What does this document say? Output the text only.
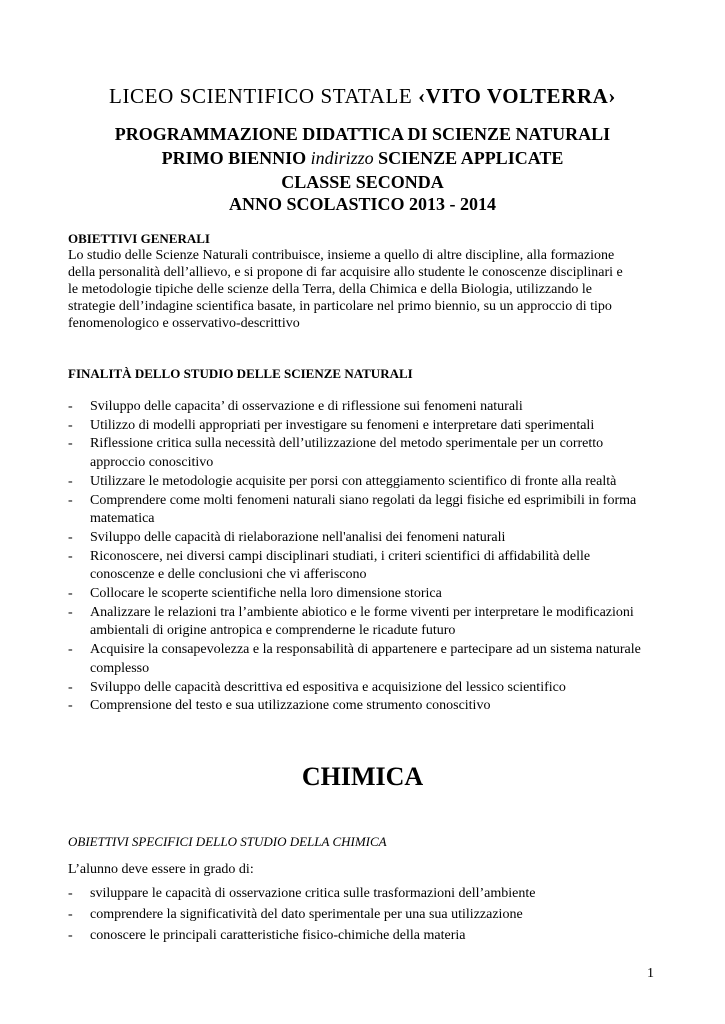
LICEO SCIENTIFICO STATALE ‹VITO VOLTERRA›
PROGRAMMAZIONE DIDATTICA DI SCIENZE NATURALI
PRIMO BIENNIO indirizzo SCIENZE APPLICATE
CLASSE SECONDA
ANNO SCOLASTICO 2013 - 2014
OBIETTIVI GENERALI
Lo studio delle Scienze Naturali contribuisce, insieme a quello di altre discipline, alla formazione
della personalità dell’allievo, e si propone di far acquisire allo studente le conoscenze disciplinari e
le metodologie tipiche delle scienze della Terra, della Chimica e della Biologia, utilizzando le
strategie dell’indagine scientifica basate, in particolare nel primo biennio, su un approccio di tipo
fenomenologico e osservativo-descrittivo
FINALITÀ DELLO STUDIO DELLE SCIENZE NATURALI
- Sviluppo delle capacita’ di osservazione e di riflessione sui fenomeni naturali
- Utilizzo di modelli appropriati per investigare su fenomeni e interpretare dati sperimentali
- Riflessione critica sulla necessità dell’utilizzazione del metodo sperimentale per un corretto approccio conoscitivo
- Utilizzare le metodologie acquisite per porsi con atteggiamento scientifico di fronte alla realtà
- Comprendere come molti fenomeni naturali siano regolati da leggi fisiche ed esprimibili in forma matematica
- Sviluppo delle capacità di rielaborazione nell'analisi dei fenomeni naturali
- Riconoscere, nei diversi campi disciplinari studiati, i criteri scientifici di affidabilità delle conoscenze e delle conclusioni che vi afferiscono
- Collocare le scoperte scientifiche nella loro dimensione storica
- Analizzare le relazioni tra l’ambiente abiotico e le forme viventi per interpretare le modificazioni ambientali di origine antropica e comprenderne le ricadute futuro
- Acquisire la consapevolezza e la responsabilità di appartenere e partecipare ad un sistema naturale complesso
- Sviluppo delle capacità descrittiva ed espositiva e acquisizione del lessico scientifico
- Comprensione del testo e sua utilizzazione come strumento conoscitivo
CHIMICA
OBIETTIVI SPECIFICI DELLO STUDIO DELLA CHIMICA
L’alunno deve essere in grado di:
- sviluppare le capacità di osservazione critica sulle trasformazioni dell’ambiente
- comprendere la significatività del dato sperimentale per una sua utilizzazione
- conoscere le principali caratteristiche fisico-chimiche della materia
1
